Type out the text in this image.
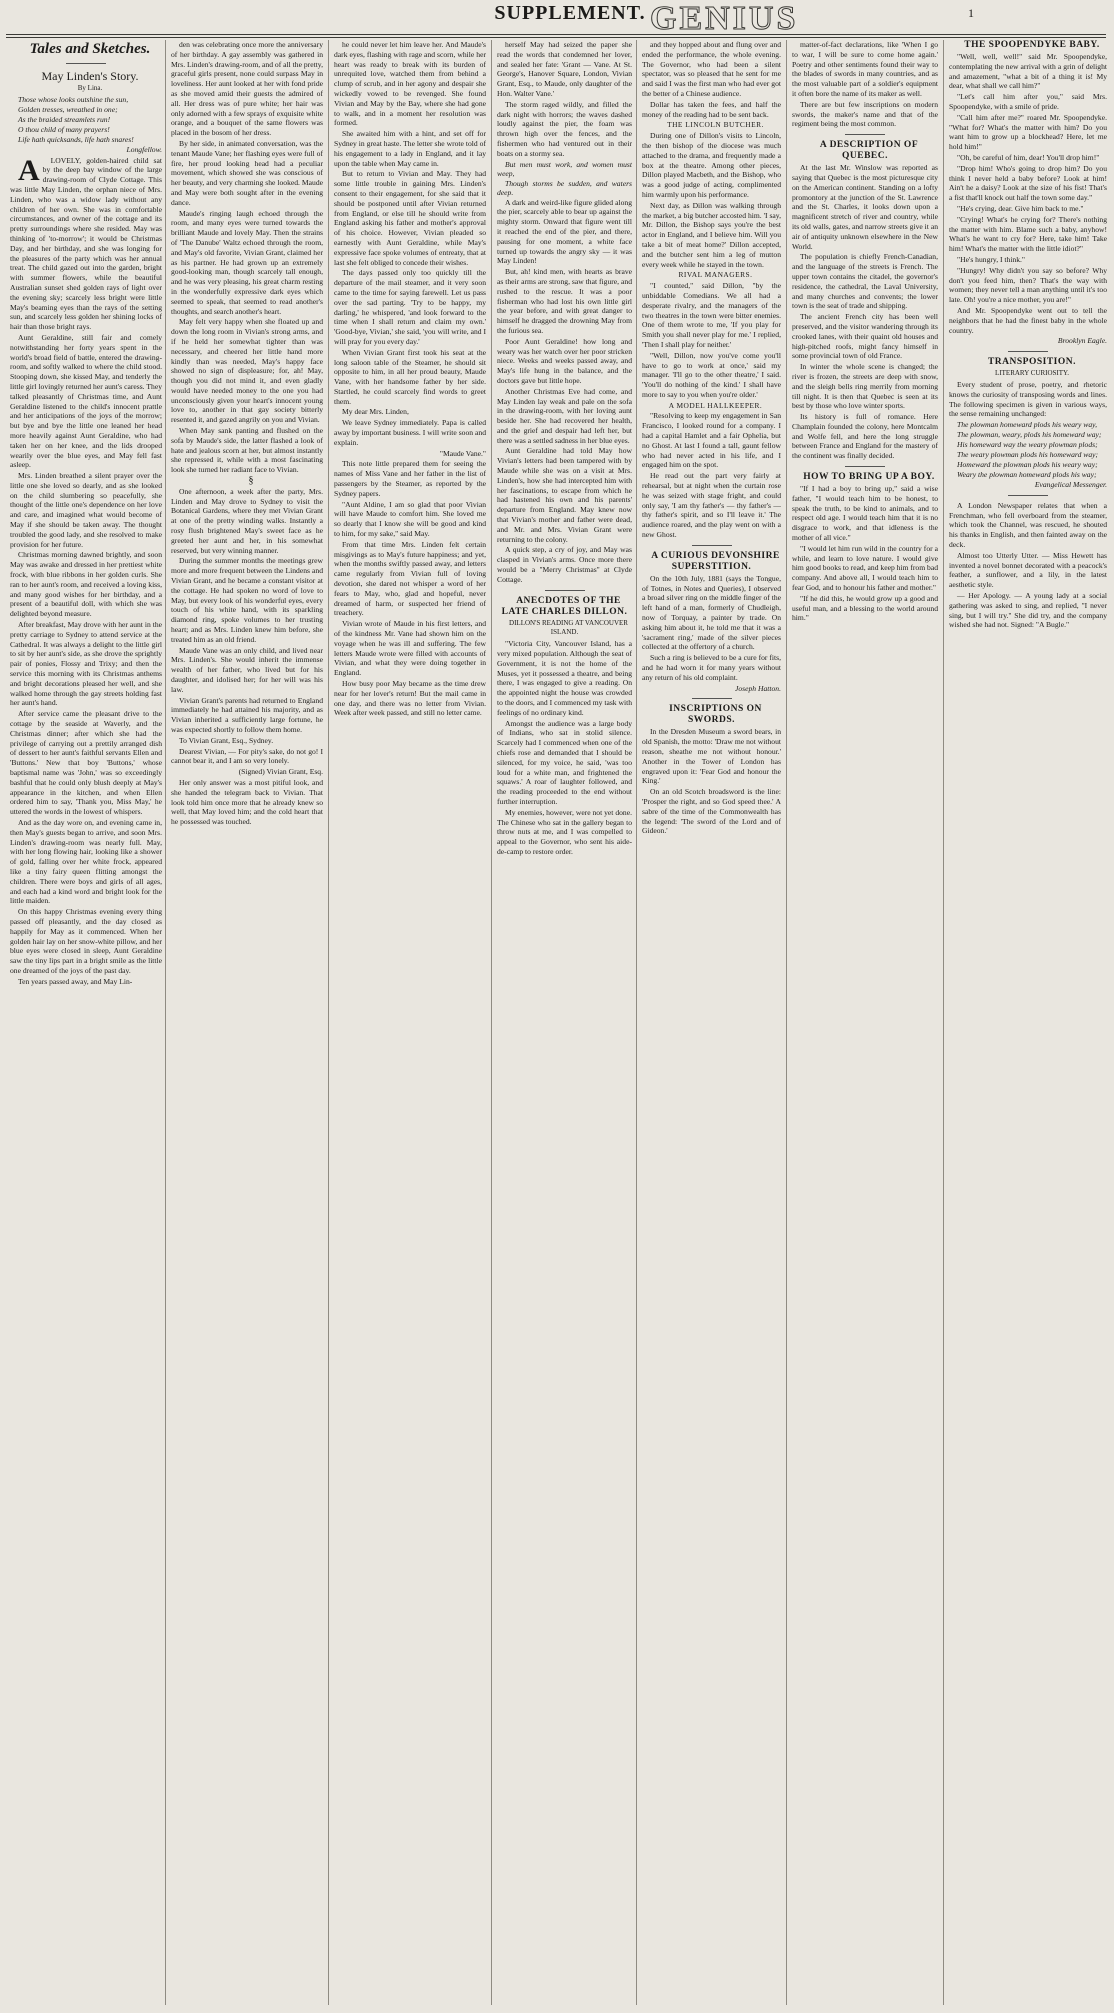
SUPPLEMENT. GENIUS	1

Tales and Sketches.

May Linden's Story.

By Lina.

Those whose looks outshine the sun,

Golden tresses, wreathed in one;

As the braided streamlets run!

O thou child of many prayers!

Life hath quicksands, life hath snares!

Longfellow.

A LOVELY, golden-haired child sat by the deep bay window of the large drawing-room of Clyde Cottage. This was little May Linden, the orphan niece of Mrs. Linden, who was a widow lady without any children of her own. She was in comfortable circumstances, and owner of the cottage and its pretty surroundings where she resided. May was thinking of 'to-morrow'; it would be Christmas Day, and her birthday, and she was longing for the pleasures of the party which was her annual treat. The child gazed out into the garden, bright with summer flowers, while the beautiful Australian sunset shed golden rays of light over the evening sky; scarcely less bright were little May's beaming eyes than the rays of the setting sun, and scarcely less golden her shining locks of hair than those bright rays.

Aunt Geraldine, still fair and comely notwithstanding her forty years spent in the world's broad field of battle, entered the drawing-room, and softly walked to where the child stood. Stooping down, she kissed May, and tenderly the little girl lovingly returned her aunt's caress. They talked pleasantly of Christmas time, and Aunt Geraldine listened to the child's innocent prattle and her anticipations of the joys of the morrow; but bye and bye the little one leaned her head more heavily against Aunt Geraldine, who had taken her on her knee, and the lids drooped wearily over the blue eyes, and May fell fast asleep.

Mrs. Linden breathed a silent prayer over the little one she loved so dearly, and as she looked on the child slumbering so peacefully, she thought of the little one's dependence on her love and care, and imagined what would become of May if she should be taken away. The thought troubled the good lady, and she resolved to make provision for her future.

Christmas morning dawned brightly, and soon May was awake and dressed in her prettiest white frock, with blue ribbons in her golden curls. She ran to her aunt's room, and received a loving kiss, and many good wishes for her birthday, and a present of a beautiful doll, with which she was delighted beyond measure.

After breakfast, May drove with her aunt in the pretty carriage to Sydney to attend service at the Cathedral. It was always a delight to the little girl to sit by her aunt's side, as she drove the sprightly pair of ponies, Flossy and Trixy; and then the service this morning with its Christmas anthems and bright decorations pleased her well, and she walked home through the gay streets holding fast her aunt's hand.

After service came the pleasant drive to the cottage by the seaside at Waverly, and the Christmas dinner; after which she had the privilege of carrying out a prettily arranged dish of dessert to her aunt's faithful servants Ellen and 'Buttons.' New that boy 'Buttons,' whose baptismal name was 'John,' was so exceedingly bashful that he could only blush deeply at May's appearance in the kitchen, and when Ellen ordered him to say, 'Thank you, Miss May,' he uttered the words in the lowest of whispers.

And as the day wore on, and evening came in, then May's guests began to arrive, and soon Mrs. Linden's drawing-room was nearly full. May, with her long flowing hair, looking like a shower of gold, falling over her white frock, appeared like a tiny fairy queen flitting amongst the children. There were boys and girls of all ages, and each had a kind word and bright look for the little maiden.

On this happy Christmas evening every thing passed off pleasantly, and the day closed as happily for May as it commenced. When her golden hair lay on her snow-white pillow, and her blue eyes were closed in sleep, Aunt Geraldine saw the tiny lips part in a bright smile as the little one dreamed of the joys of the past day.

Ten years passed away, and May Lin-

den was celebrating once more the anniversary of her birthday. A gay assembly was gathered in Mrs. Linden's drawing-room, and of all the pretty, graceful girls present, none could surpass May in loveliness. Her aunt looked at her with fond pride as she moved amid their guests the admired of all. Her dress was of pure white; her hair was only adorned with a few sprays of exquisite white orange, and a bouquet of the same flowers was placed in the bosom of her dress.

By her side, in animated conversation, was the tenant Maude Vane; her flashing eyes were full of fire, her proud looking head had a peculiar movement, which showed she was conscious of her beauty, and very charming she looked. Maude and May were both sought after in the evening dance.

Maude's ringing laugh echoed through the room, and many eyes were turned towards the brilliant Maude and lovely May. Then the strains of 'The Danube' Waltz echoed through the room, and May's old favorite, Vivian Grant, claimed her as his partner. He had grown up an extremely good-looking man, though scarcely tall enough, and he was very pleasing, his great charm resting in the wonderfully expressive dark eyes which seemed to speak, that seemed to read another's thoughts, and search another's heart.

May felt very happy when she floated up and down the long room in Vivian's strong arms, and if he held her somewhat tighter than was necessary, and cheered her little hand more kindly than was needed, May's happy face showed no sign of displeasure; for, ah! May, though you did not mind it, and even gladly would have needed money to the one you had unconsciously given your heart's innocent young love to, another in that gay society bitterly resented it, and gazed angrily on you and Vivian.

When May sank panting and flushed on the sofa by Maude's side, the latter flashed a look of hate and jealous scorn at her, but almost instantly she repressed it, while with a most fascinating look she turned her radiant face to Vivian.

§

One afternoon, a week after the party, Mrs. Linden and May drove to Sydney to visit the Botanical Gardens, where they met Vivian Grant at one of the pretty winding walks. Instantly a rosy flush brightened May's sweet face as he greeted her aunt and her, in his somewhat reserved, but very winning manner.

During the summer months the meetings grew more and more frequent between the Lindens and Vivian Grant, and he became a constant visitor at the cottage. He had spoken no word of love to May, but every look of his wonderful eyes, every touch of his white hand, with its sparkling diamond ring, spoke volumes to her trusting heart; and as Mrs. Linden knew him before, she treated him as an old friend.

Maude Vane was an only child, and lived near Mrs. Linden's. She would inherit the immense wealth of her father, who lived but for his daughter, and idolised her; for her will was his law.

Vivian Grant's parents had returned to England immediately he had attained his majority, and as Vivian inherited a sufficiently large fortune, he was expected shortly to follow them home.

To Vivian Grant, Esq., Sydney.

Dearest Vivian, — For pity's sake, do not go! I cannot bear it, and I am so very lonely.

(Signed) Vivian Grant, Esq.

Her only answer was a most pitiful look, and she handed the telegram back to Vivian. That look told him once more that he already knew so well, that May loved him; and the cold heart that he possessed was touched.

he could never let him leave her. And Maude's dark eyes, flashing with rage and scorn, while her heart was ready to break with its burden of unrequited love, watched them from behind a clump of scrub, and in her agony and despair she wickedly vowed to be revenged. She found Vivian and May by the Bay, where she had gone to walk, and in a moment her resolution was formed.

She awaited him with a hint, and set off for Sydney in great haste. The letter she wrote told of his engagement to a lady in England, and it lay upon the table when May came in.

But to return to Vivian and May. They had some little trouble in gaining Mrs. Linden's consent to their engagement, for she said that it should be postponed until after Vivian returned from England, or else till he should write from England asking his father and mother's approval of his choice. However, Vivian pleaded so earnestly with Aunt Geraldine, while May's expressive face spoke volumes of entreaty, that at last she felt obliged to concede their wishes.

The days passed only too quickly till the departure of the mail steamer, and it very soon came to the time for saying farewell. Let us pass over the sad parting. 'Try to be happy, my darling,' he whispered, 'and look forward to the time when I shall return and claim my own.' 'Good-bye, Vivian,' she said, 'you will write, and I will pray for you every day.'

When Vivian Grant first took his seat at the long saloon table of the Steamer, he should sit opposite to him, in all her proud beauty, Maude Vane, with her handsome father by her side. Startled, he could scarcely find words to greet them.

My dear Mrs. Linden,

We leave Sydney immediately. Papa is called away by important business. I will write soon and explain.

"Maude Vane."

This note little prepared them for seeing the names of Miss Vane and her father in the list of passengers by the Steamer, as reported by the Sydney papers.

"Aunt Aldine, I am so glad that poor Vivian will have Maude to comfort him. She loved me so dearly that I know she will be good and kind to him, for my sake," said May.

From that time Mrs. Linden felt certain misgivings as to May's future happiness; and yet, when the months swiftly passed away, and letters came regularly from Vivian full of loving devotion, she dared not whisper a word of her fears to May, who, glad and hopeful, never dreamed of harm, or suspected her friend of treachery.

Vivian wrote of Maude in his first letters, and of the kindness Mr. Vane had shown him on the voyage when he was ill and suffering. The few letters Maude wrote were filled with accounts of Vivian, and what they were doing together in England.

How busy poor May became as the time drew near for her lover's return! But the mail came in one day, and there was no letter from Vivian. Week after week passed, and still no letter came.

herself May had seized the paper she read the words that condemned her lover, and sealed her fate: 'Grant — Vane. At St. George's, Hanover Square, London, Vivian Grant, Esq., to Maude, only daughter of the Hon. Walter Vane.'

The storm raged wildly, and filled the dark night with horrors; the waves dashed loudly against the pier, the foam was thrown high over the fences, and the fishermen who had ventured out in their boats on a stormy sea.

But men must work, and women must weep,

Though storms be sudden, and waters deep.

A dark and weird-like figure glided along the pier, scarcely able to bear up against the mighty storm. Onward that figure went till it reached the end of the pier, and there, pausing for one moment, a white face turned up towards the angry sky — it was May Linden!

But, ah! kind men, with hearts as brave as their arms are strong, saw that figure, and rushed to the rescue. It was a poor fisherman who had lost his own little girl the year before, and with great danger to himself he dragged the drowning May from the furious sea.

Poor Aunt Geraldine! how long and weary was her watch over her poor stricken niece. Weeks and weeks passed away, and May's life hung in the balance, and the doctors gave but little hope.

Another Christmas Eve had come, and May Linden lay weak and pale on the sofa in the drawing-room, with her loving aunt beside her. She had recovered her health, and the grief and despair had left her, but there was a settled sadness in her blue eyes.

Aunt Geraldine had told May how Vivian's letters had been tampered with by Maude while she was on a visit at Mrs. Linden's, how she had intercepted him with her fascinations, to escape from which he had hastened his own and his parents' departure from England. May knew now that Vivian's mother and father were dead, and Mr. and Mrs. Vivian Grant were returning to the colony.

A quick step, a cry of joy, and May was clasped in Vivian's arms. Once more there would be a "Merry Christmas" at Clyde Cottage.

ANECDOTES OF THE LATE CHARLES DILLON.

DILLON'S READING AT VANCOUVER ISLAND.

"Victoria City, Vancouver Island, has a very mixed population. Although the seat of Government, it is not the home of the Muses, yet it possessed a theatre, and being there, I was engaged to give a reading. On the appointed night the house was crowded to the doors, and I commenced my task with feelings of no ordinary kind.

Amongst the audience was a large body of Indians, who sat in stolid silence. Scarcely had I commenced when one of the chiefs rose and demanded that I should be silenced, for my voice, he said, 'was too loud for a white man, and frightened the squaws.' A roar of laughter followed, and the reading proceeded to the end without further interruption.

My enemies, however, were not yet done. The Chinese who sat in the gallery began to throw nuts at me, and I was compelled to appeal to the Governor, who sent his aide-de-camp to restore order.

and they hopped about and flung over and ended the performance, the whole evening. The Governor, who had been a silent spectator, was so pleased that he sent for me and said I was the first man who had ever got the better of a Chinese audience.

Dollar has taken the fees, and half the money of the reading had to be sent back.

THE LINCOLN BUTCHER.

During one of Dillon's visits to Lincoln, the then bishop of the diocese was much attached to the drama, and frequently made a box at the theatre. Among other pieces, Dillon played Macbeth, and the Bishop, who was a good judge of acting, complimented him warmly upon his performance.

Next day, as Dillon was walking through the market, a big butcher accosted him. 'I say, Mr. Dillon, the Bishop says you're the best actor in England, and I believe him. Will you take a bit of meat home?' Dillon accepted, and the butcher sent him a leg of mutton every week while he stayed in the town.

RIVAL MANAGERS.

"I counted," said Dillon, "by the unbiddable Comedians. We all had a desperate rivalry, and the managers of the two theatres in the town were bitter enemies. One of them wrote to me, 'If you play for Smith you shall never play for me.' I replied, 'Then I shall play for neither.'

"Well, Dillon, now you've come you'll have to go to work at once,' said my manager. 'I'll go to the other theatre,' I said. 'You'll do nothing of the kind.' I shall have more to say to you when you're older.'

A MODEL HALLKEEPER.

"Resolving to keep my engagement in San Francisco, I looked round for a company. I had a capital Hamlet and a fair Ophelia, but no Ghost. At last I found a tall, gaunt fellow who had never acted in his life, and I engaged him on the spot.

He read out the part very fairly at rehearsal, but at night when the curtain rose he was seized with stage fright, and could only say, 'I am thy father's — thy father's — thy father's spirit, and so I'll leave it.' The audience roared, and the play went on with a new Ghost.

A CURIOUS DEVONSHIRE SUPERSTITION.

On the 10th July, 1881 (says the Tongue, of Totnes, in Notes and Queries), I observed a broad silver ring on the middle finger of the left hand of a man, formerly of Chudleigh, now of Torquay, a painter by trade. On asking him about it, he told me that it was a 'sacrament ring,' made of the silver pieces collected at the offertory of a church.

Such a ring is believed to be a cure for fits, and he had worn it for many years without any return of his old complaint.

Joseph Hatton.

INSCRIPTIONS ON SWORDS.

In the Dresden Museum a sword bears, in old Spanish, the motto: 'Draw me not without reason, sheathe me not without honour.' Another in the Tower of London has engraved upon it: 'Fear God and honour the King.'

On an old Scotch broadsword is the line: 'Prosper the right, and so God speed thee.' A sabre of the time of the Commonwealth has the legend: 'The sword of the Lord and of Gideon.'

matter-of-fact declarations, like 'When I go to war, I will be sure to come home again.' Poetry and other sentiments found their way to the blades of swords in many countries, and as the most valuable part of a soldier's equipment it often bore the name of its maker as well.

There are but few inscriptions on modern swords, the maker's name and that of the regiment being the most common.

A DESCRIPTION OF QUEBEC.

At the last Mr. Winslow was reported as saying that Quebec is the most picturesque city on the American continent. Standing on a lofty promontory at the junction of the St. Lawrence and the St. Charles, it looks down upon a magnificent stretch of river and country, while its old walls, gates, and narrow streets give it an air of antiquity unknown elsewhere in the New World.

The population is chiefly French-Canadian, and the language of the streets is French. The upper town contains the citadel, the governor's residence, the cathedral, the Laval University, and many churches and convents; the lower town is the seat of trade and shipping.

The ancient French city has been well preserved, and the visitor wandering through its crooked lanes, with their quaint old houses and high-pitched roofs, might fancy himself in some provincial town of old France.

In winter the whole scene is changed; the river is frozen, the streets are deep with snow, and the sleigh bells ring merrily from morning till night. It is then that Quebec is seen at its best by those who love winter sports.

Its history is full of romance. Here Champlain founded the colony, here Montcalm and Wolfe fell, and here the long struggle between France and England for the mastery of the continent was finally decided.

HOW TO BRING UP A BOY.

"If I had a boy to bring up," said a wise father, "I would teach him to be honest, to speak the truth, to be kind to animals, and to respect old age. I would teach him that it is no disgrace to work, and that idleness is the mother of all vice."

"I would let him run wild in the country for a while, and learn to love nature. I would give him good books to read, and keep him from bad company. And above all, I would teach him to fear God, and to honour his father and mother."

"If he did this, he would grow up a good and useful man, and a blessing to the world around him."

THE SPOOPENDYKE BABY.

"Well, well, well!" said Mr. Spoopendyke, contemplating the new arrival with a grin of delight and amazement, "what a bit of a thing it is! My dear, what shall we call him?"

"Let's call him after you," said Mrs. Spoopendyke, with a smile of pride.

"Call him after me?" roared Mr. Spoopendyke. "What for? What's the matter with him? Do you want him to grow up a blockhead? Here, let me hold him!"

"Oh, be careful of him, dear! You'll drop him!"

"Drop him! Who's going to drop him? Do you think I never held a baby before? Look at him! Ain't he a daisy? Look at the size of his fist! That's a fist that'll knock out half the town some day."

"He's crying, dear. Give him back to me."

"Crying! What's he crying for? There's nothing the matter with him. Blame such a baby, anyhow! What's he want to cry for? Here, take him! Take him! What's the matter with the little idiot?"

"He's hungry, I think."

"Hungry! Why didn't you say so before? Why don't you feed him, then? That's the way with women; they never tell a man anything until it's too late. Oh! you're a nice mother, you are!"

And Mr. Spoopendyke went out to tell the neighbors that he had the finest baby in the whole country.

Brooklyn Eagle.

TRANSPOSITION.

LITERARY CURIOSITY.

Every student of prose, poetry, and rhetoric knows the curiosity of transposing words and lines. The following specimen is given in various ways, the sense remaining unchanged:

The plowman homeward plods his weary way,

The plowman, weary, plods his homeward way;

His homeward way the weary plowman plods;

The weary plowman plods his homeward way;

Homeward the plowman plods his weary way;

Weary the plowman homeward plods his way;

Evangelical Messenger.

A London Newspaper relates that when a Frenchman, who fell overboard from the steamer, which took the Channel, was rescued, he shouted his thanks in English, and then fainted away on the deck.

Almost too Utterly Utter. — Miss Hewett has invented a novel bonnet decorated with a peacock's feather, a sunflower, and a lily, in the latest aesthetic style.

— Her Apology. — A young lady at a social gathering was asked to sing, and replied, "I never sing, but I will try." She did try, and the company wished she had not. Signed: "A Bugle."
